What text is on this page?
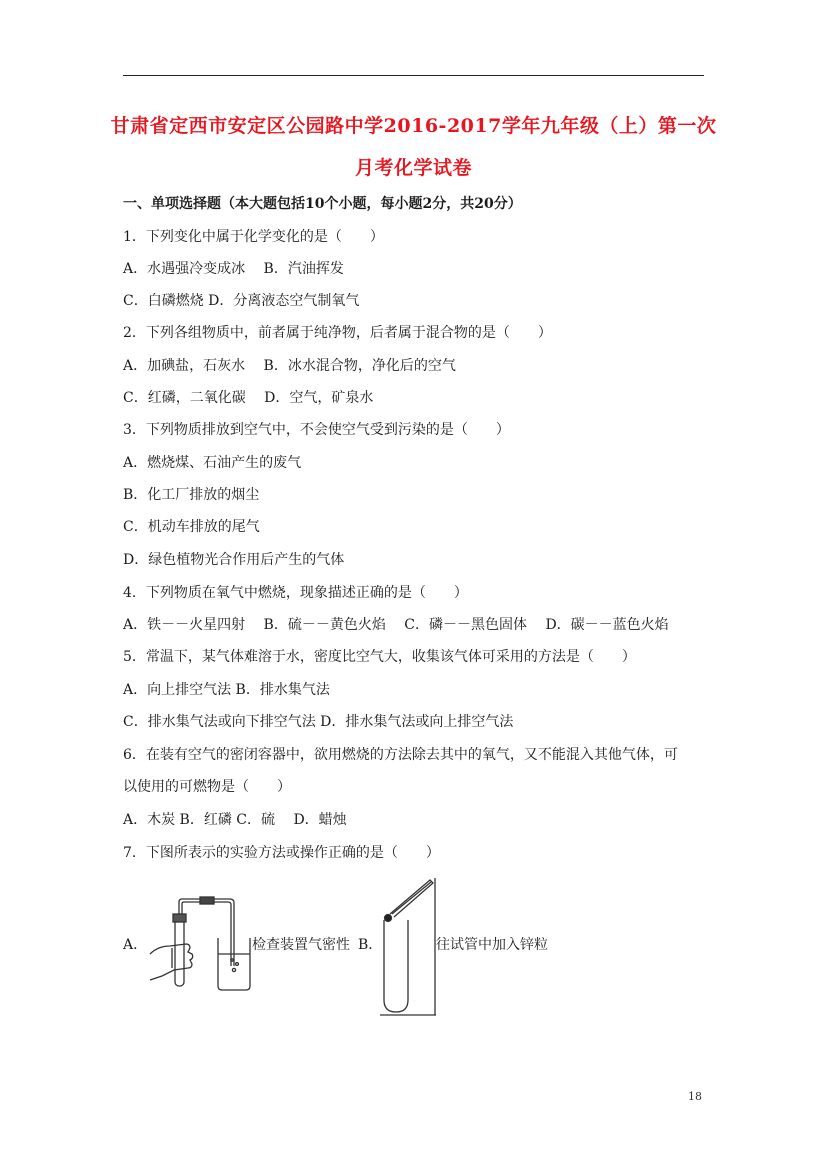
甘肃省定西市安定区公园路中学2016-2017学年九年级（上）第一次
月考化学试卷
一、单项选择题（本大题包括10个小题，每小题2分，共20分）
1．下列变化中属于化学变化的是（　　）
A．水遇强冷变成冰　 B．汽油挥发
C．白磷燃烧 D．分离液态空气制氧气
2．下列各组物质中，前者属于纯净物，后者属于混合物的是（　　）
A．加碘盐，石灰水　 B．冰水混合物，净化后的空气
C．红磷，二氧化碳　 D．空气，矿泉水
3．下列物质排放到空气中，不会使空气受到污染的是（　　）
A．燃烧煤、石油产生的废气
B．化工厂排放的烟尘
C．机动车排放的尾气
D．绿色植物光合作用后产生的气体
4．下列物质在氧气中燃烧，现象描述正确的是（　　）
A．铁－－火星四射　 B．硫－－黄色火焰　 C．磷－－黑色固体　 D．碳－－蓝色火焰
5．常温下，某气体难溶于水，密度比空气大，收集该气体可采用的方法是（　　）
A．向上排空气法 B．排水集气法
C．排水集气法或向下排空气法 D．排水集气法或向上排空气法
6．在装有空气的密闭容器中，欲用燃烧的方法除去其中的氧气，又不能混入其他气体，可
以使用的可燃物是（　　）
A．木炭 B．红磷 C．硫　 D．蜡烛
7．下图所表示的实验方法或操作正确的是（　　）
A．	检查装置气密性 B．	往试管中加入锌粒
18
